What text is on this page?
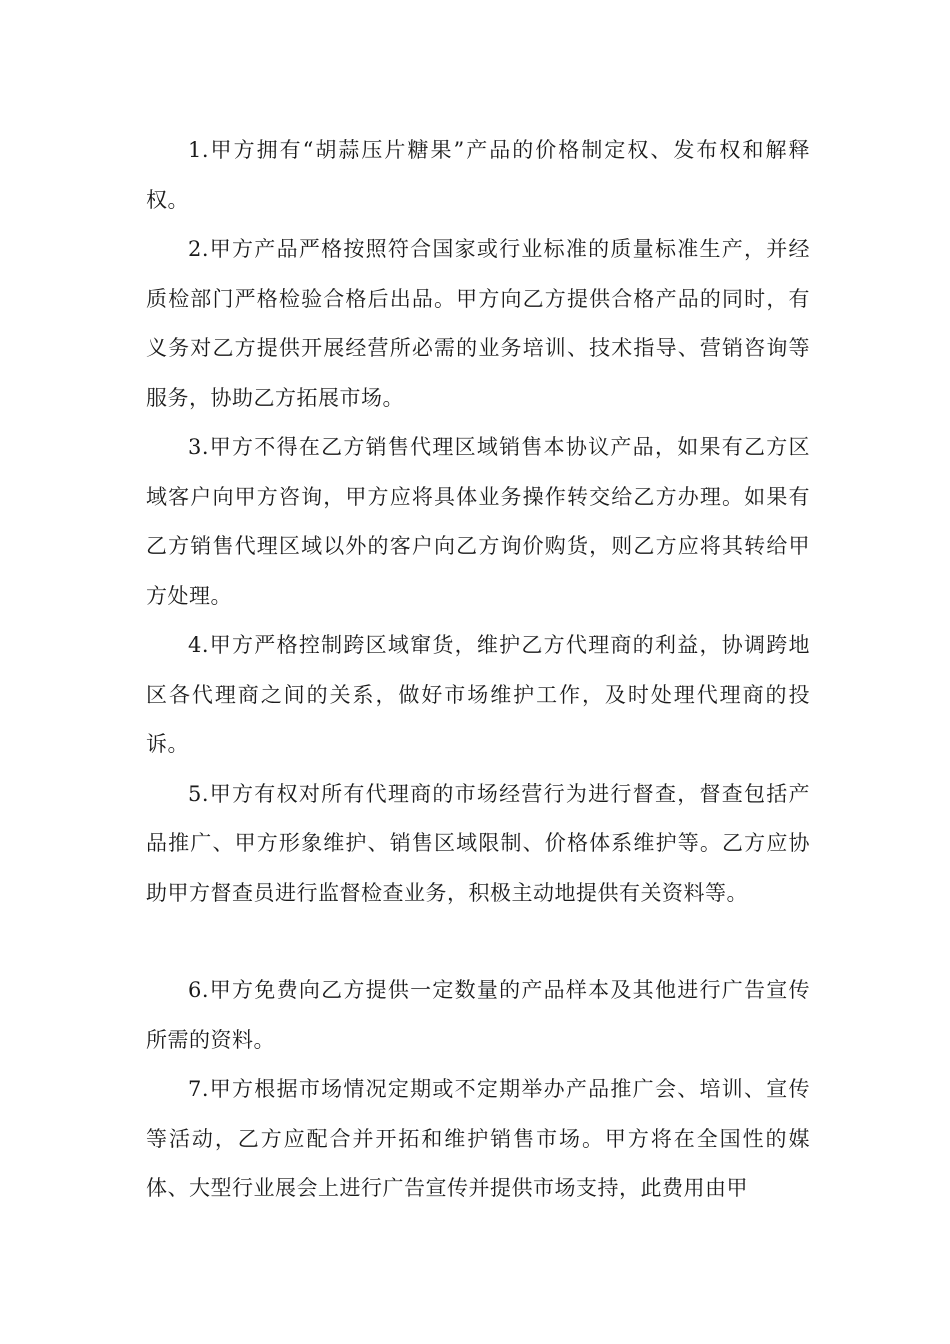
1.甲方拥有“胡蒜压片糖果”产品的价格制定权、发布权和解释权。

2.甲方产品严格按照符合国家或行业标准的质量标准生产，并经质检部门严格检验合格后出品。甲方向乙方提供合格产品的同时，有义务对乙方提供开展经营所必需的业务培训、技术指导、营销咨询等服务，协助乙方拓展市场。

3.甲方不得在乙方销售代理区域销售本协议产品，如果有乙方区域客户向甲方咨询，甲方应将具体业务操作转交给乙方办理。如果有乙方销售代理区域以外的客户向乙方询价购货，则乙方应将其转给甲方处理。

4.甲方严格控制跨区域窜货，维护乙方代理商的利益，协调跨地区各代理商之间的关系，做好市场维护工作，及时处理代理商的投诉。

5.甲方有权对所有代理商的市场经营行为进行督查，督查包括产品推广、甲方形象维护、销售区域限制、价格体系维护等。乙方应协助甲方督查员进行监督检查业务，积极主动地提供有关资料等。

6.甲方免费向乙方提供一定数量的产品样本及其他进行广告宣传所需的资料。

7.甲方根据市场情况定期或不定期举办产品推广会、培训、宣传等活动，乙方应配合并开拓和维护销售市场。甲方将在全国性的媒体、大型行业展会上进行广告宣传并提供市场支持，此费用由甲
